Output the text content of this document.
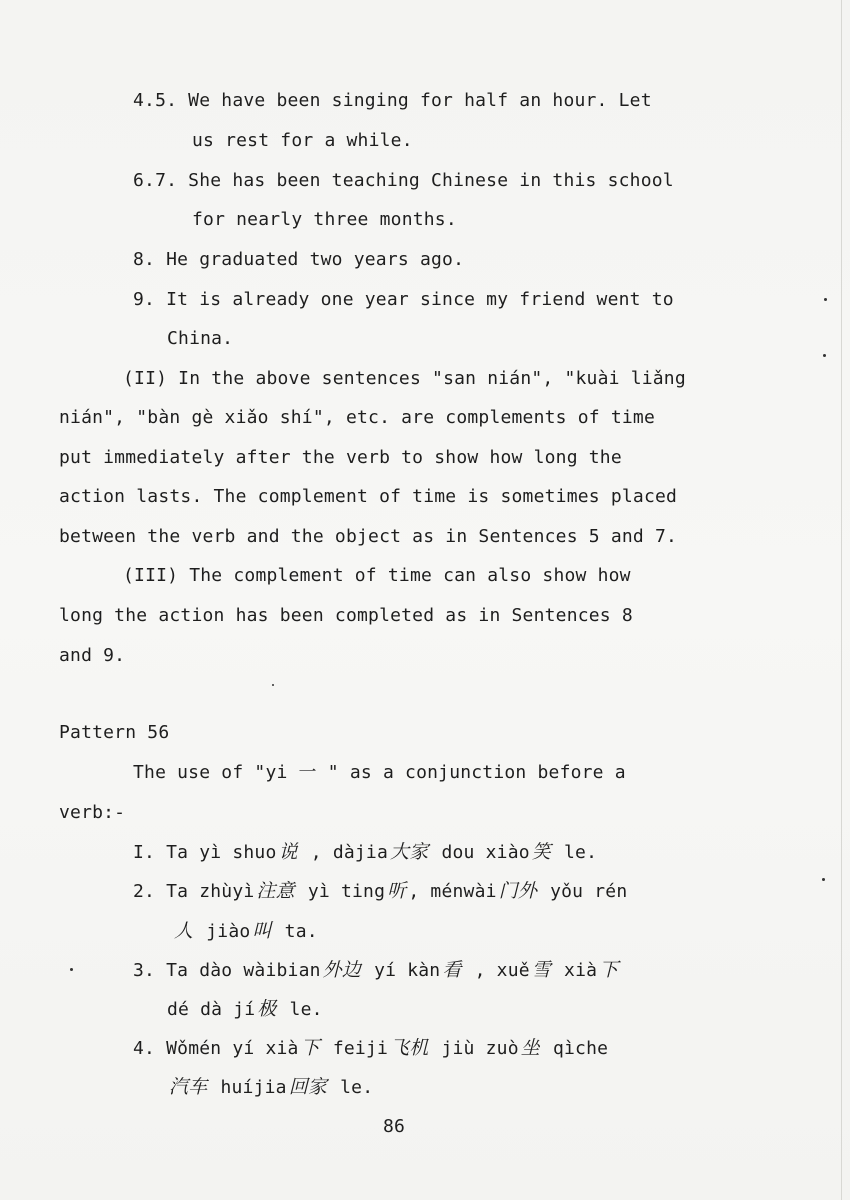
4.5. We have been singing for half an hour. Let
us rest for a while.
6.7. She has been teaching Chinese in this school
for nearly three months.
8. He graduated two years ago.
9. It is already one year since my friend went to
China.
(II) In the above sentences "san nián", "kuài liǎng
nián", "bàn gè xiǎo shí", etc. are complements of time
put immediately after the verb to show how long the
action lasts. The complement of time is sometimes placed
between the verb and the object as in Sentences 5 and 7.
(III) The complement of time can also show how
long the action has been completed as in Sentences 8
and 9.
Pattern 56
The use of "yi 一 " as a conjunction before a
verb:-
I. Ta yì shuo 说 , dàjia 大家 dou xiào 笑 le.
2. Ta zhùyì 注意 yì ting 听 , ménwài 门外 yǒu rén
人 jiào 叫 ta.
3. Ta dào wàibian 外边 yí kàn 看 , xuě 雪 xià 下
dé dà jí 极 le.
4. Wǒmén yí xià 下 feiji 飞机 jiù zuò 坐 qìche
汽车 huíjia 回家 le.
86
